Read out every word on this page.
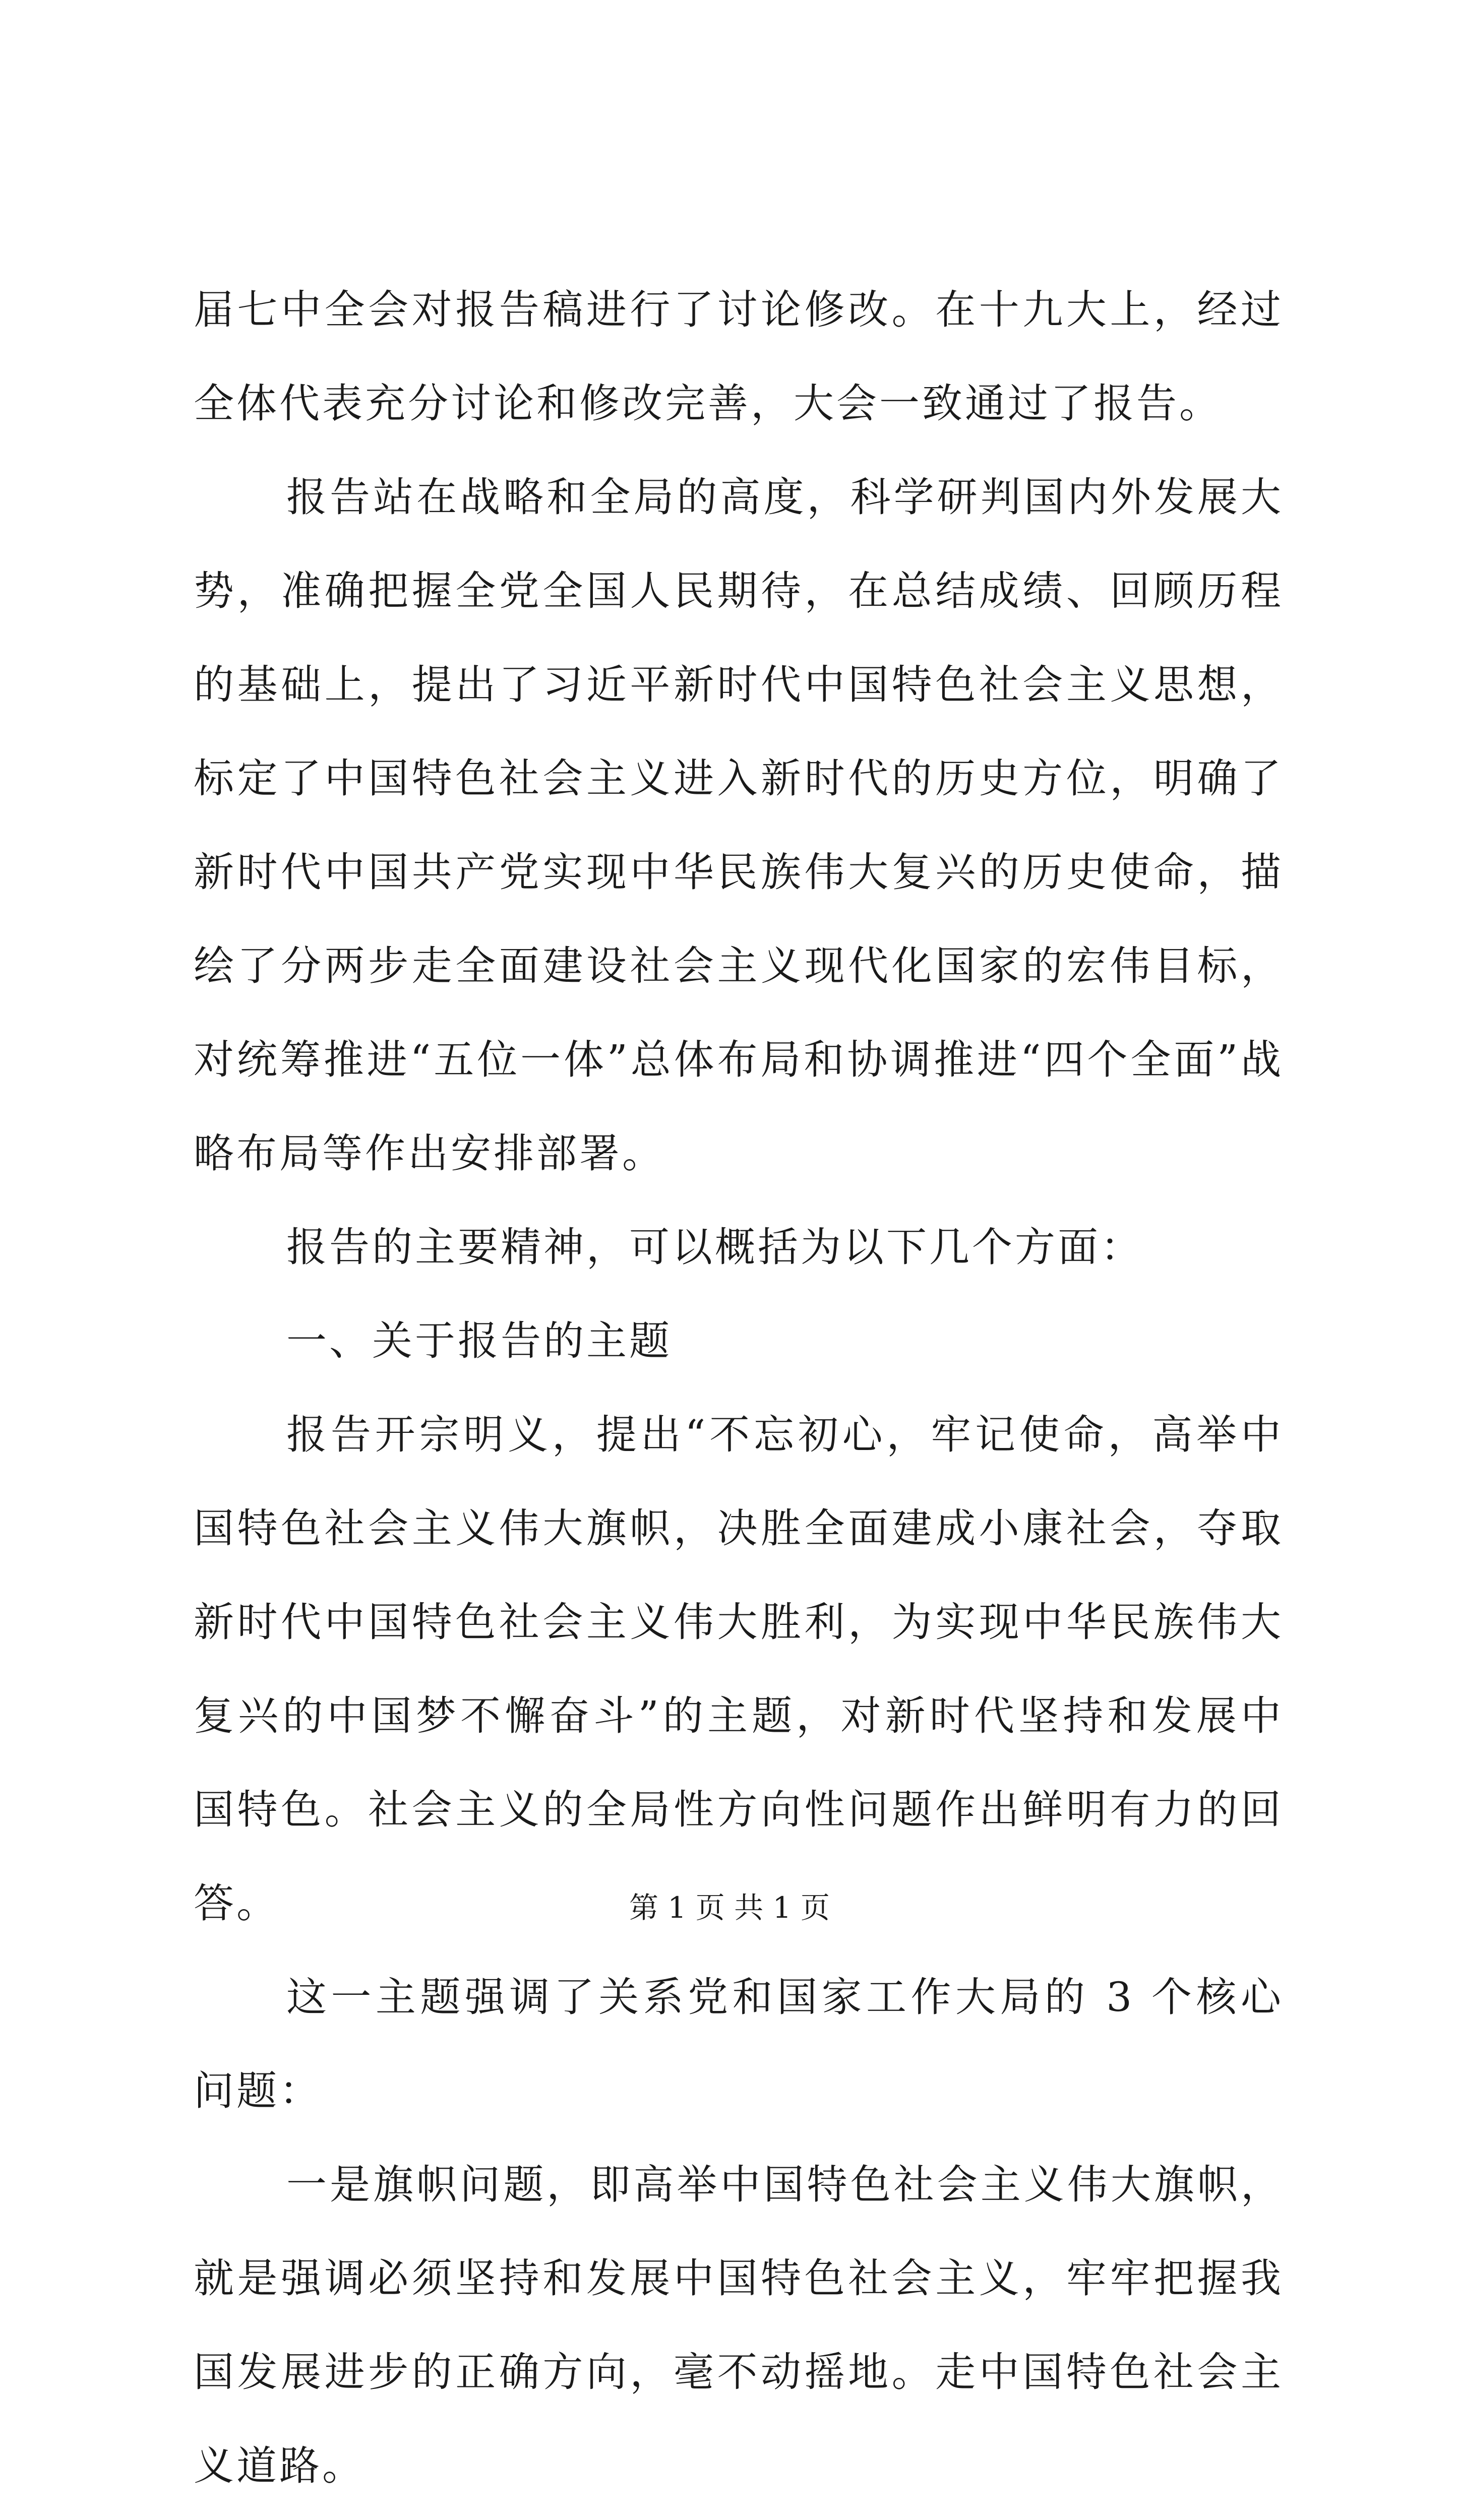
届七中全会对报告稿进行了讨论修改。在十九大上，经过全体代表充分讨论和修改完善，大会一致通过了报告。

报告站在战略和全局的高度，科学研判国内外发展大势，准确把握全党全国人民期待，在总结成绩、回顾历程的基础上，提出了习近平新时代中国特色社会主义思想，标定了中国特色社会主义进入新时代的历史方位，明确了新时代中国共产党实现中华民族伟大复兴的历史使命，描绘了分两步走全面建设社会主义现代化国家的宏伟目标，对统筹推进“五位一体”总体布局和协调推进“四个全面”战略布局等作出安排部署。

报告的主要精神，可以概括为以下几个方面：

一、关于报告的主题

报告开宗明义，提出“不忘初心，牢记使命，高举中国特色社会主义伟大旗帜，决胜全面建成小康社会，夺取新时代中国特色社会主义伟大胜利，为实现中华民族伟大复兴的中国梦不懈奋斗”的主题，对新时代坚持和发展中国特色。社会主义的全局性方向性问题作出鲜明有力的回答。

这一主题强调了关系党和国家工作大局的 3 个核心问题：

一是旗帜问题，即高举中国特色社会主义伟大旗帜，就是强调必须坚持和发展中国特色社会主义，牢牢把握我国发展进步的正确方向，毫不动摇地。走中国特色社会主义道路。

第 1 页 共 1 页
